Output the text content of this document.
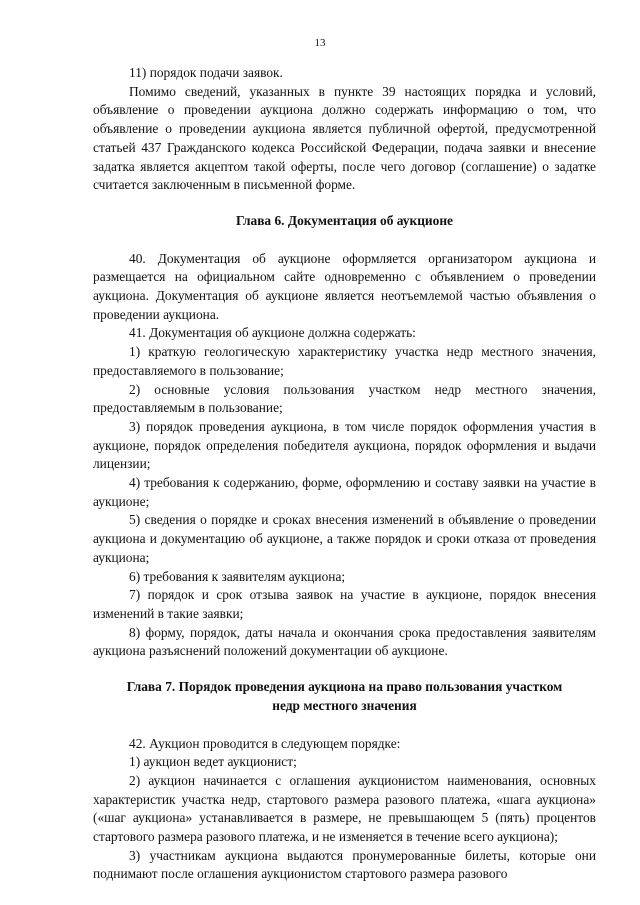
13

11) порядок подачи заявок.

Помимо сведений, указанных в пункте 39 настоящих порядка и условий, объявление о проведении аукциона должно содержать информацию о том, что объявление о проведении аукциона является публичной офертой, предусмотренной статьей 437 Гражданского кодекса Российской Федерации, подача заявки и внесение задатка является акцептом такой оферты, после чего договор (соглашение) о задатке считается заключенным в письменной форме.

Глава 6. Документация об аукционе

40. Документация об аукционе оформляется организатором аукциона и размещается на официальном сайте одновременно с объявлением о проведении аукциона. Документация об аукционе является неотъемлемой частью объявления о проведении аукциона.

41. Документация об аукционе должна содержать:

1) краткую геологическую характеристику участка недр местного значения, предоставляемого в пользование;

2) основные условия пользования участком недр местного значения, предоставляемым в пользование;

3) порядок проведения аукциона, в том числе порядок оформления участия в аукционе, порядок определения победителя аукциона, порядок оформления и выдачи лицензии;

4) требования к содержанию, форме, оформлению и составу заявки на участие в аукционе;

5) сведения о порядке и сроках внесения изменений в объявление о проведении аукциона и документацию об аукционе, а также порядок и сроки отказа от проведения аукциона;

6) требования к заявителям аукциона;

7) порядок и срок отзыва заявок на участие в аукционе, порядок внесения изменений в такие заявки;

8) форму, порядок, даты начала и окончания срока предоставления заявителям аукциона разъяснений положений документации об аукционе.

Глава 7. Порядок проведения аукциона на право пользования участком недр местного значения

42. Аукцион проводится в следующем порядке:

1) аукцион ведет аукционист;

2) аукцион начинается с оглашения аукционистом наименования, основных характеристик участка недр, стартового размера разового платежа, «шага аукциона» («шаг аукциона» устанавливается в размере, не превышающем 5 (пять) процентов стартового размера разового платежа, и не изменяется в течение всего аукциона);

3) участникам аукциона выдаются пронумерованные билеты, которые они поднимают после оглашения аукционистом стартового размера разового
